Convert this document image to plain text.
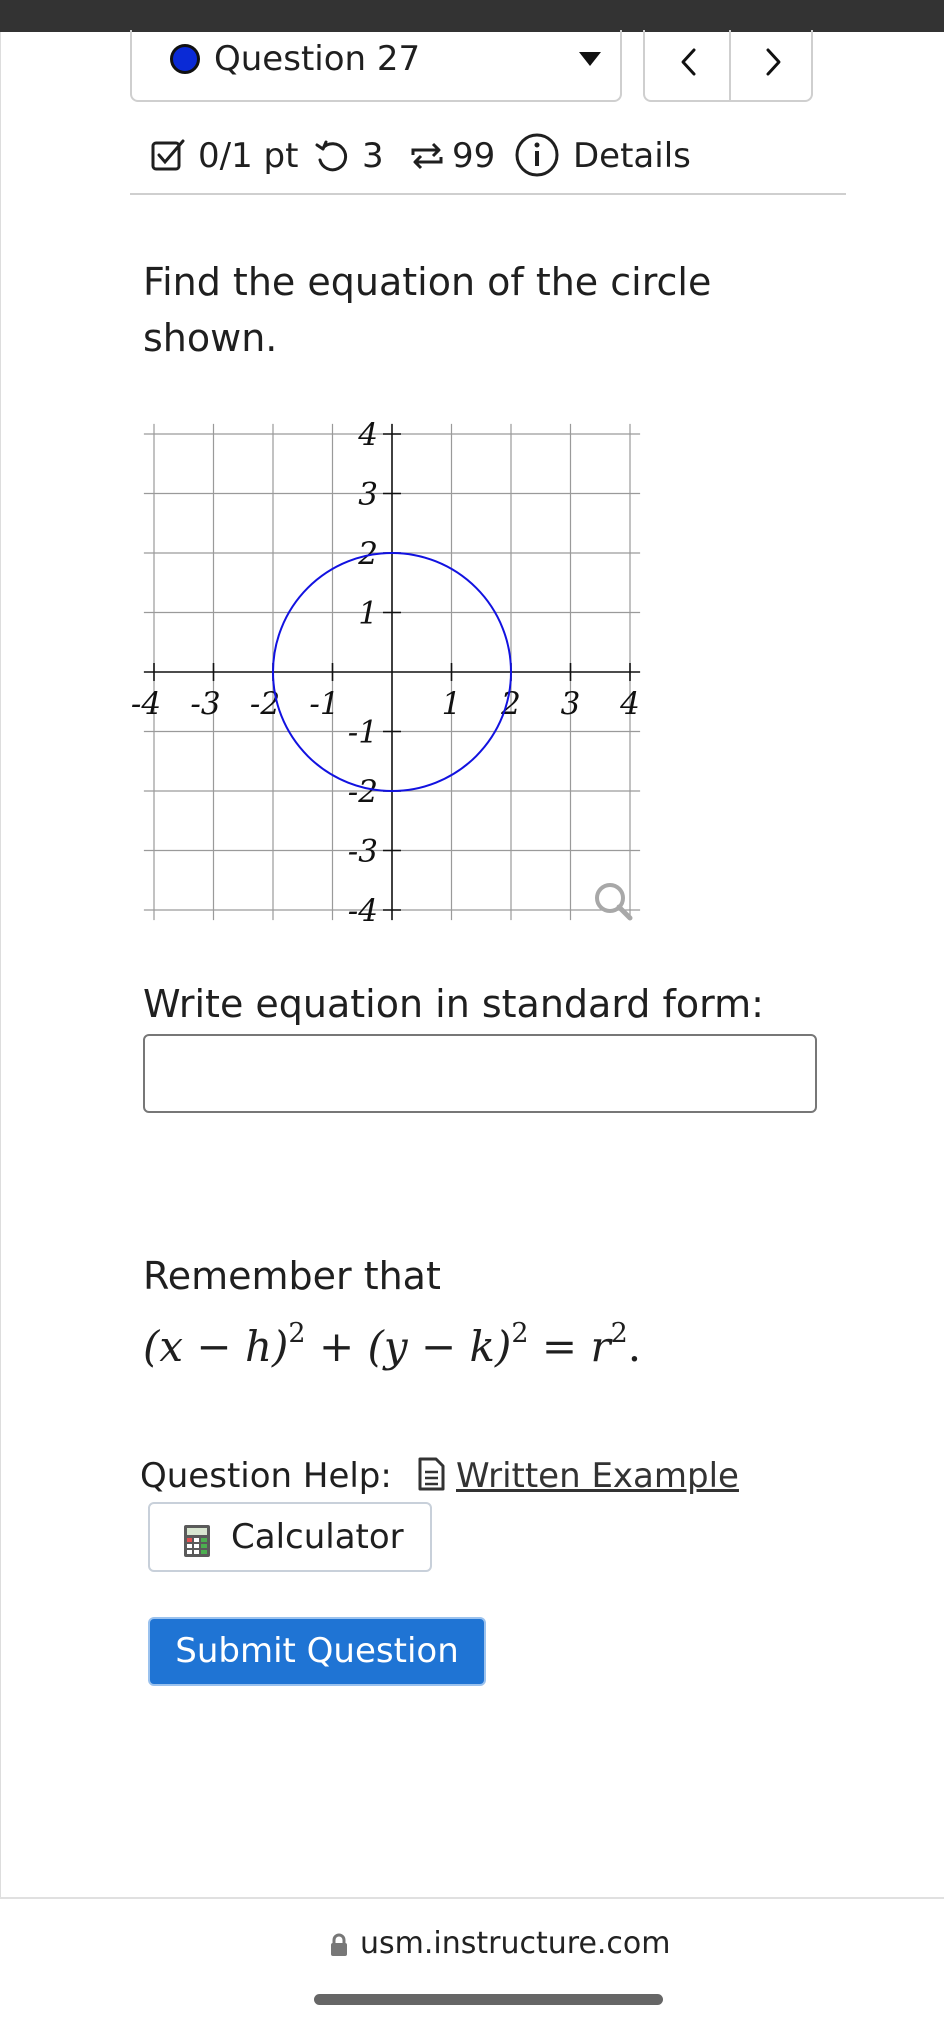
Question 27
0/1 pt 3 99 Details
Find the equation of the circle shown.
-4 -3 -2 -1	1 2 3 4
4
3
2
1
-1
-2
-3
-4
Write equation in standard form:
Remember that
$(x - h)^2 + (y - k)^2 = r^2$.
Question Help:	Written Example
Calculator
Submit Question
usm.instructure.com
